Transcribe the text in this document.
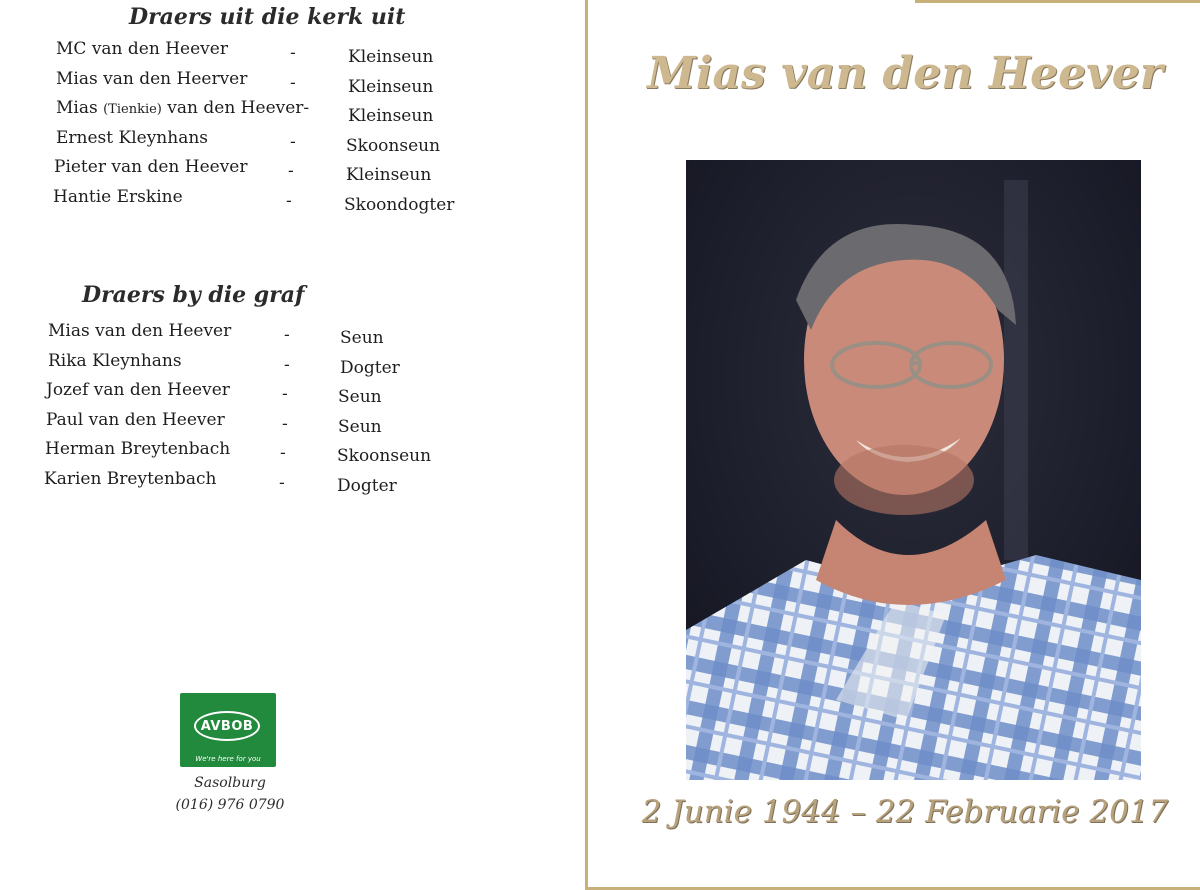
Draers uit die kerk uit
MC van den Heever	-	Kleinseun
Mias van den Heerver	-	Kleinseun
Mias (Tienkie) van den Heever- Kleinseun
Ernest Kleynhans	-	Skoonseun
Pieter van den Heever -	Kleinseun
Hantie Erskine	-	Skoondogter
Draers by die graf
Mias van den Heever	-	Seun
Rika Kleynhans	-	Dogter
Jozef van den Heever	-	Seun
Paul van den Heever	-	Seun
Herman Breytenbach	-	Skoonseun
Karien Breytenbach	-	Dogter
AVBOB
We're here for you
Sasolburg
(016) 976 0790
Mias van den Heever

2 Junie 1944 – 22 Februarie 2017
